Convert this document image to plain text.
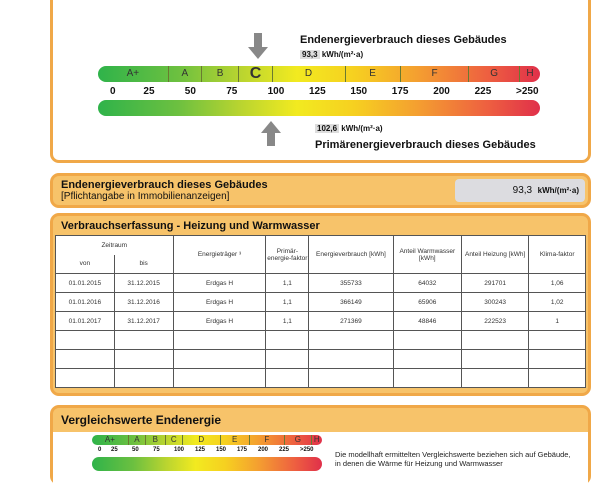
Endenergieverbrauch dieses Gebäudes
93,3 kWh/(m²·a)
Primärenergieverbrauch dieses Gebäudes
102,6 kWh/(m²·a)
A+	A	B	C	D	E	F	G	H
0	25	50	75	100 125 150 175 200 225 >250
Endenergieverbrauch dieses Gebäudes
[Pflichtangabe in Immobilienanzeigen]
93,3 kWh/(m²·a)
Verbrauchserfassung - Heizung und Warmwasser
Zeitraum		Energieträger ³	Primär-energie-faktor	Energieverbrauch [kWh]	Anteil Warmwasser [kWh]	Anteil Heizung [kWh]	Klima-faktor
von	bis						
01.01.2015	31.12.2015	Erdgas H	1,1	355733	64032	291701	1,06
01.01.2016	31.12.2016	Erdgas H	1,1	366149	65906	300243	1,02
01.01.2017	31.12.2017	Erdgas H	1,1	271369	48846	222523	1

Vergleichswerte Endenergie
Die modellhaft ermittelten Vergleichswerte beziehen sich auf Gebäude, in denen die Wärme für Heizung und Warmwasser
A+	A	B	C	D	E	F	G	H
0 25 50 75 100 125 150 175 200 225 >250
